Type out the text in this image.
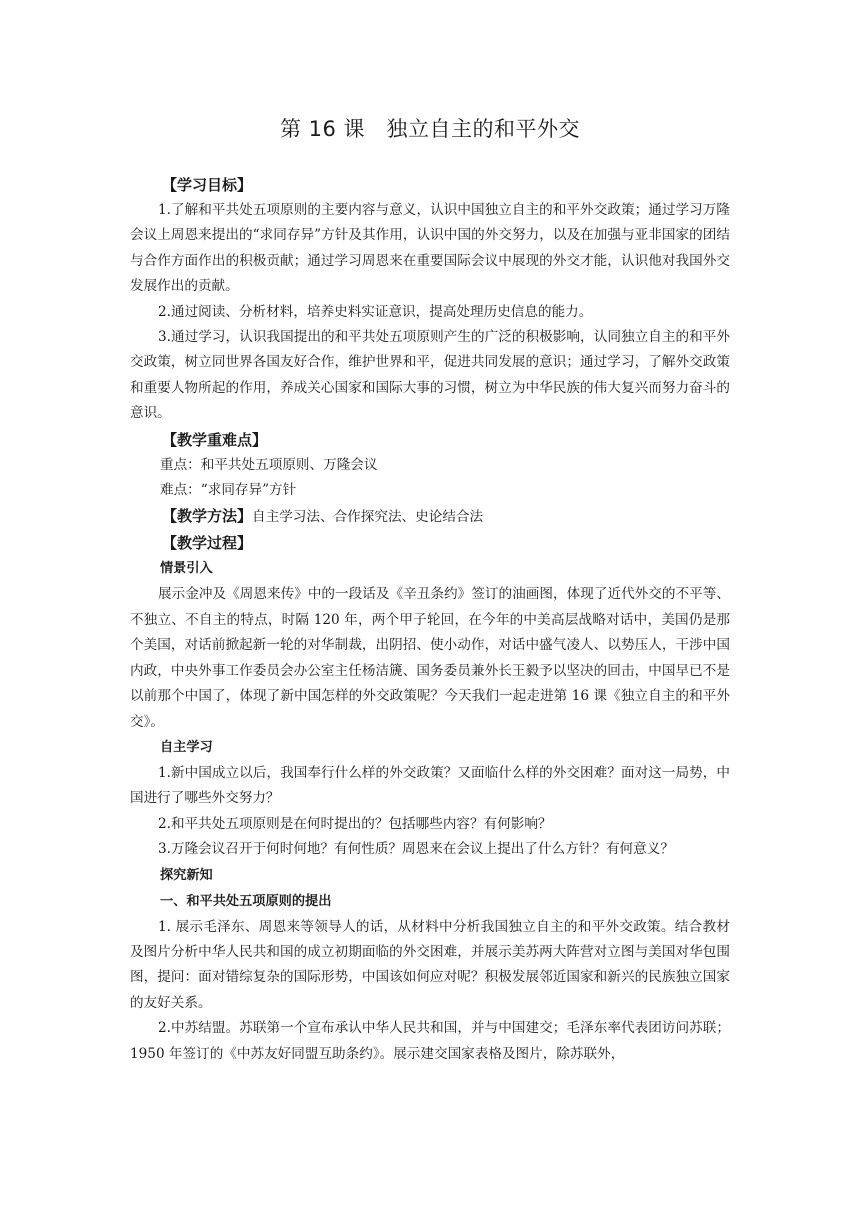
第 16 课　独立自主的和平外交

【学习目标】

1.了解和平共处五项原则的主要内容与意义，认识中国独立自主的和平外交政策；通过学习万隆会议上周恩来提出的“求同存异”方针及其作用，认识中国的外交努力，以及在加强与亚非国家的团结与合作方面作出的积极贡献；通过学习周恩来在重要国际会议中展现的外交才能，认识他对我国外交发展作出的贡献。

2.通过阅读、分析材料，培养史料实证意识，提高处理历史信息的能力。

3.通过学习，认识我国提出的和平共处五项原则产生的广泛的积极影响，认同独立自主的和平外交政策，树立同世界各国友好合作，维护世界和平，促进共同发展的意识；通过学习，了解外交政策和重要人物所起的作用，养成关心国家和国际大事的习惯，树立为中华民族的伟大复兴而努力奋斗的意识。

【教学重难点】

重点：和平共处五项原则、万隆会议

难点：“求同存异”方针

【教学方法】自主学习法、合作探究法、史论结合法

【教学过程】

情景引入

展示金冲及《周恩来传》中的一段话及《辛丑条约》签订的油画图，体现了近代外交的不平等、不独立、不自主的特点，时隔 120 年，两个甲子轮回，在今年的中美高层战略对话中，美国仍是那个美国，对话前掀起新一轮的对华制裁，出阴招、使小动作，对话中盛气凌人、以势压人，干涉中国内政，中央外事工作委员会办公室主任杨洁篪、国务委员兼外长王毅予以坚决的回击，中国早已不是以前那个中国了，体现了新中国怎样的外交政策呢？今天我们一起走进第 16 课《独立自主的和平外交》。

自主学习

1.新中国成立以后，我国奉行什么样的外交政策？又面临什么样的外交困难？面对这一局势，中国进行了哪些外交努力？

2.和平共处五项原则是在何时提出的？包括哪些内容？有何影响？

3.万隆会议召开于何时何地？有何性质？周恩来在会议上提出了什么方针？有何意义？

探究新知

一、和平共处五项原则的提出

1. 展示毛泽东、周恩来等领导人的话，从材料中分析我国独立自主的和平外交政策。结合教材及图片分析中华人民共和国的成立初期面临的外交困难，并展示美苏两大阵营对立图与美国对华包围图，提问：面对错综复杂的国际形势，中国该如何应对呢？积极发展邻近国家和新兴的民族独立国家的友好关系。

2.中苏结盟。苏联第一个宣布承认中华人民共和国，并与中国建交；毛泽东率代表团访问苏联；1950 年签订的《中苏友好同盟互助条约》。展示建交国家表格及图片，除苏联外，
